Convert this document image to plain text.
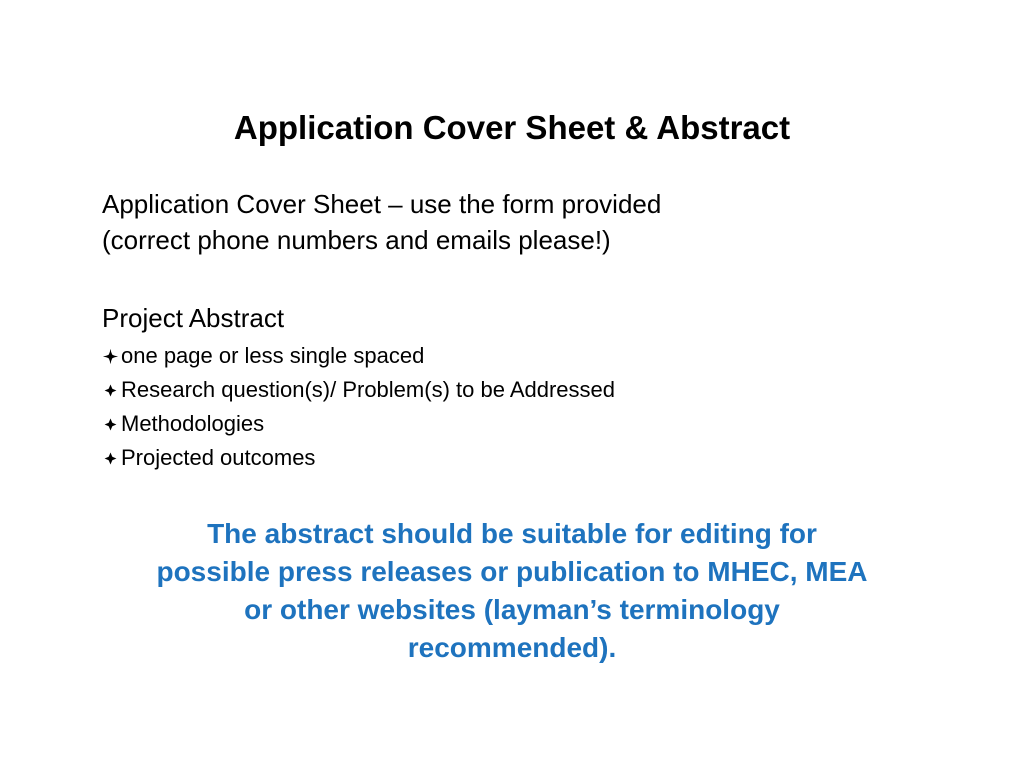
Application Cover Sheet & Abstract
Application Cover Sheet – use the form provided
(correct phone numbers and emails please!)
Project Abstract
one page or less single spaced
Research question(s)/ Problem(s) to be Addressed
Methodologies
Projected outcomes
The abstract should be suitable for editing for
possible press releases or publication to MHEC, MEA
or other websites (layman’s terminology
recommended).
